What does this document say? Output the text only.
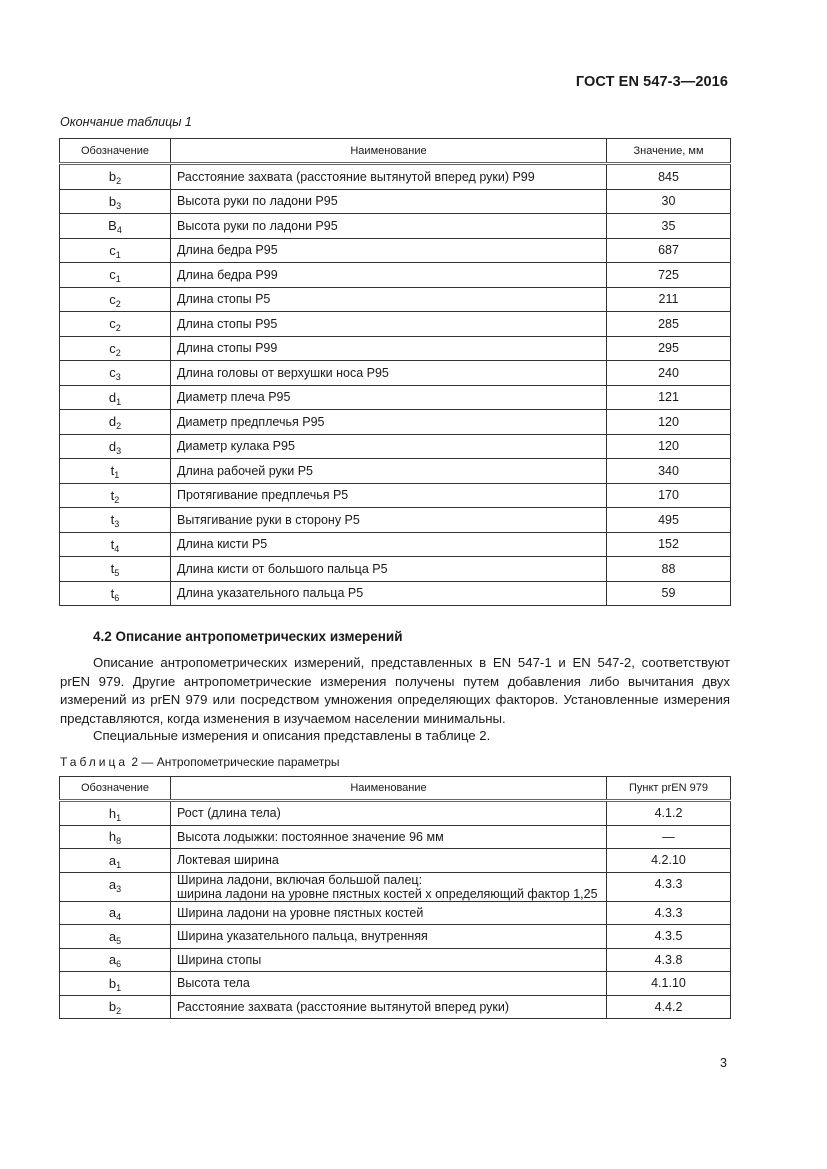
ГОСТ EN 547-3—2016
Окончание таблицы 1
Обозначение	Наименование	Значение, мм
$b_2$	Расстояние захвата (расстояние вытянутой вперед руки) P99	845
$b_3$	Высота руки по ладони P95	30
$B_4$	Высота руки по ладони P95	35
$c_1$	Длина бедра P95	687
$c_1$	Длина бедра P99	725
$c_2$	Длина стопы P5	211
$c_2$	Длина стопы P95	285
$c_2$	Длина стопы P99	295
$c_3$	Длина головы от верхушки носа P95	240
$d_1$	Диаметр плеча P95	121
$d_2$	Диаметр предплечья P95	120
$d_3$	Диаметр кулака P95	120
$t_1$	Длина рабочей руки P5	340
$t_2$	Протягивание предплечья P5	170
$t_3$	Вытягивание руки в сторону P5	495
$t_4$	Длина кисти P5	152
$t_5$	Длина кисти от большого пальца P5	88
$t_6$	Длина указательного пальца P5	59
4.2 Описание антропометрических измерений
Описание антропометрических измерений, представленных в EN 547-1 и EN 547-2, соответствуют prEN 979. Другие антропометрические измерения получены путем добавления либо вычитания двух измерений из prEN 979 или посредством умножения определяющих факторов. Установленные измерения представляются, когда изменения в изучаемом населении минимальны.
Специальные измерения и описания представлены в таблице 2.
Таблица 2 — Антропометрические параметры
Обозначение	Наименование	Пункт prEN 979
$h_1$	Рост (длина тела)	4.1.2
$h_8$	Высота лодыжки: постоянное значение 96 мм	—
$a_1$	Локтевая ширина	4.2.10
$a_3$	Ширина ладони, включая большой палец:
ширина ладони на уровне пястных костей х определяющий фактор 1,25	4.3.3
$a_4$	Ширина ладони на уровне пястных костей	4.3.3
$a_5$	Ширина указательного пальца, внутренняя	4.3.5
$a_6$	Ширина стопы	4.3.8
$b_1$	Высота тела	4.1.10
$b_2$	Расстояние захвата (расстояние вытянутой вперед руки)	4.4.2
3
